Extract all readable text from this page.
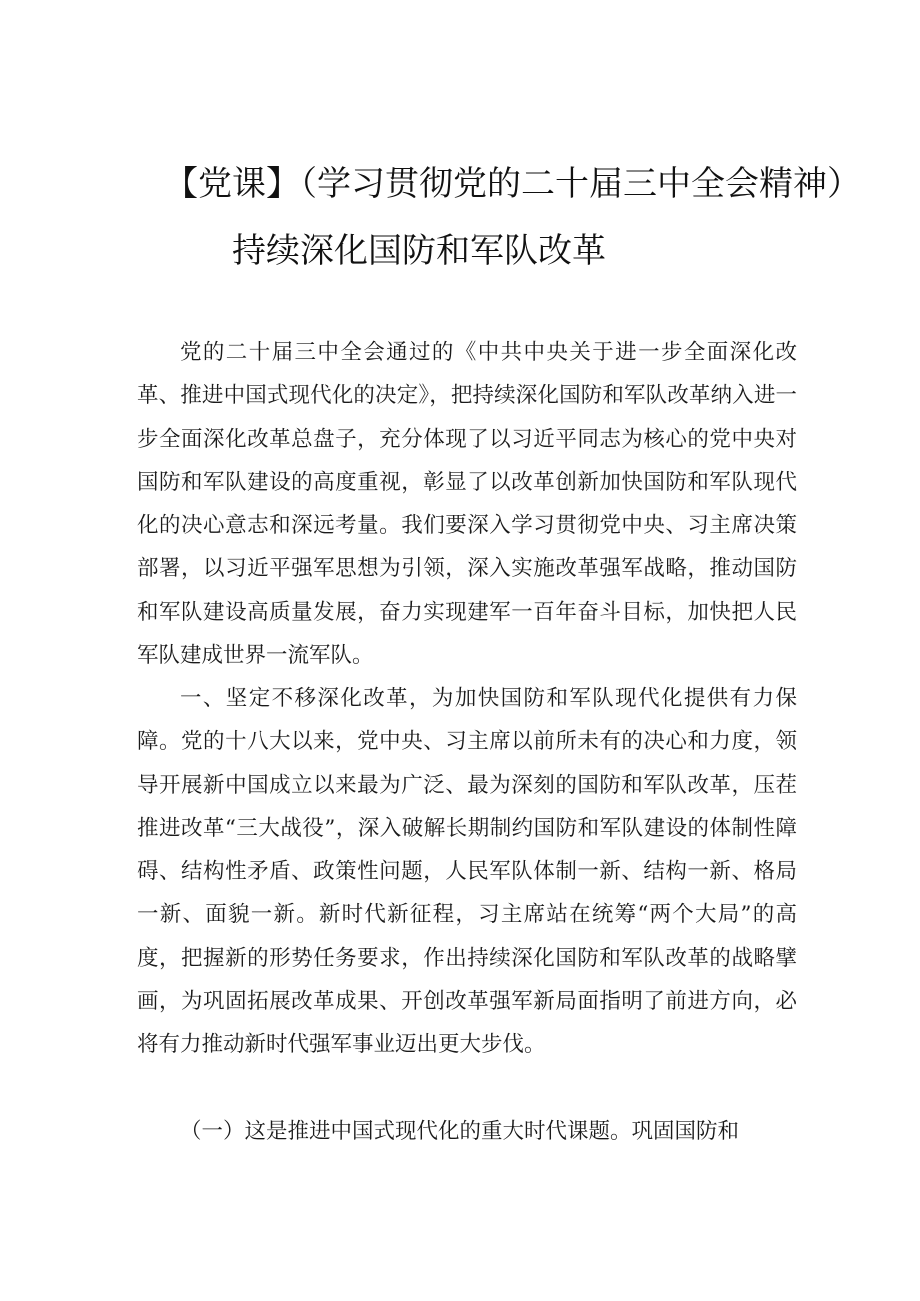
【党课】（学习贯彻党的二十届三中全会精神）
持续深化国防和军队改革

党的二十届三中全会通过的《中共中央关于进一步全面深化改革、推进中国式现代化的决定》，把持续深化国防和军队改革纳入进一步全面深化改革总盘子，充分体现了以习近平同志为核心的党中央对国防和军队建设的高度重视，彰显了以改革创新加快国防和军队现代化的决心意志和深远考量。我们要深入学习贯彻党中央、习主席决策部署，以习近平强军思想为引领，深入实施改革强军战略，推动国防和军队建设高质量发展，奋力实现建军一百年奋斗目标，加快把人民军队建成世界一流军队。

一、坚定不移深化改革，为加快国防和军队现代化提供有力保障。党的十八大以来，党中央、习主席以前所未有的决心和力度，领导开展新中国成立以来最为广泛、最为深刻的国防和军队改革，压茬推进改革“三大战役”，深入破解长期制约国防和军队建设的体制性障碍、结构性矛盾、政策性问题，人民军队体制一新、结构一新、格局一新、面貌一新。新时代新征程，习主席站在统筹“两个大局”的高度，把握新的形势任务要求，作出持续深化国防和军队改革的战略擘画，为巩固拓展改革成果、开创改革强军新局面指明了前进方向，必将有力推动新时代强军事业迈出更大步伐。

（一）这是推进中国式现代化的重大时代课题。巩固国防和
